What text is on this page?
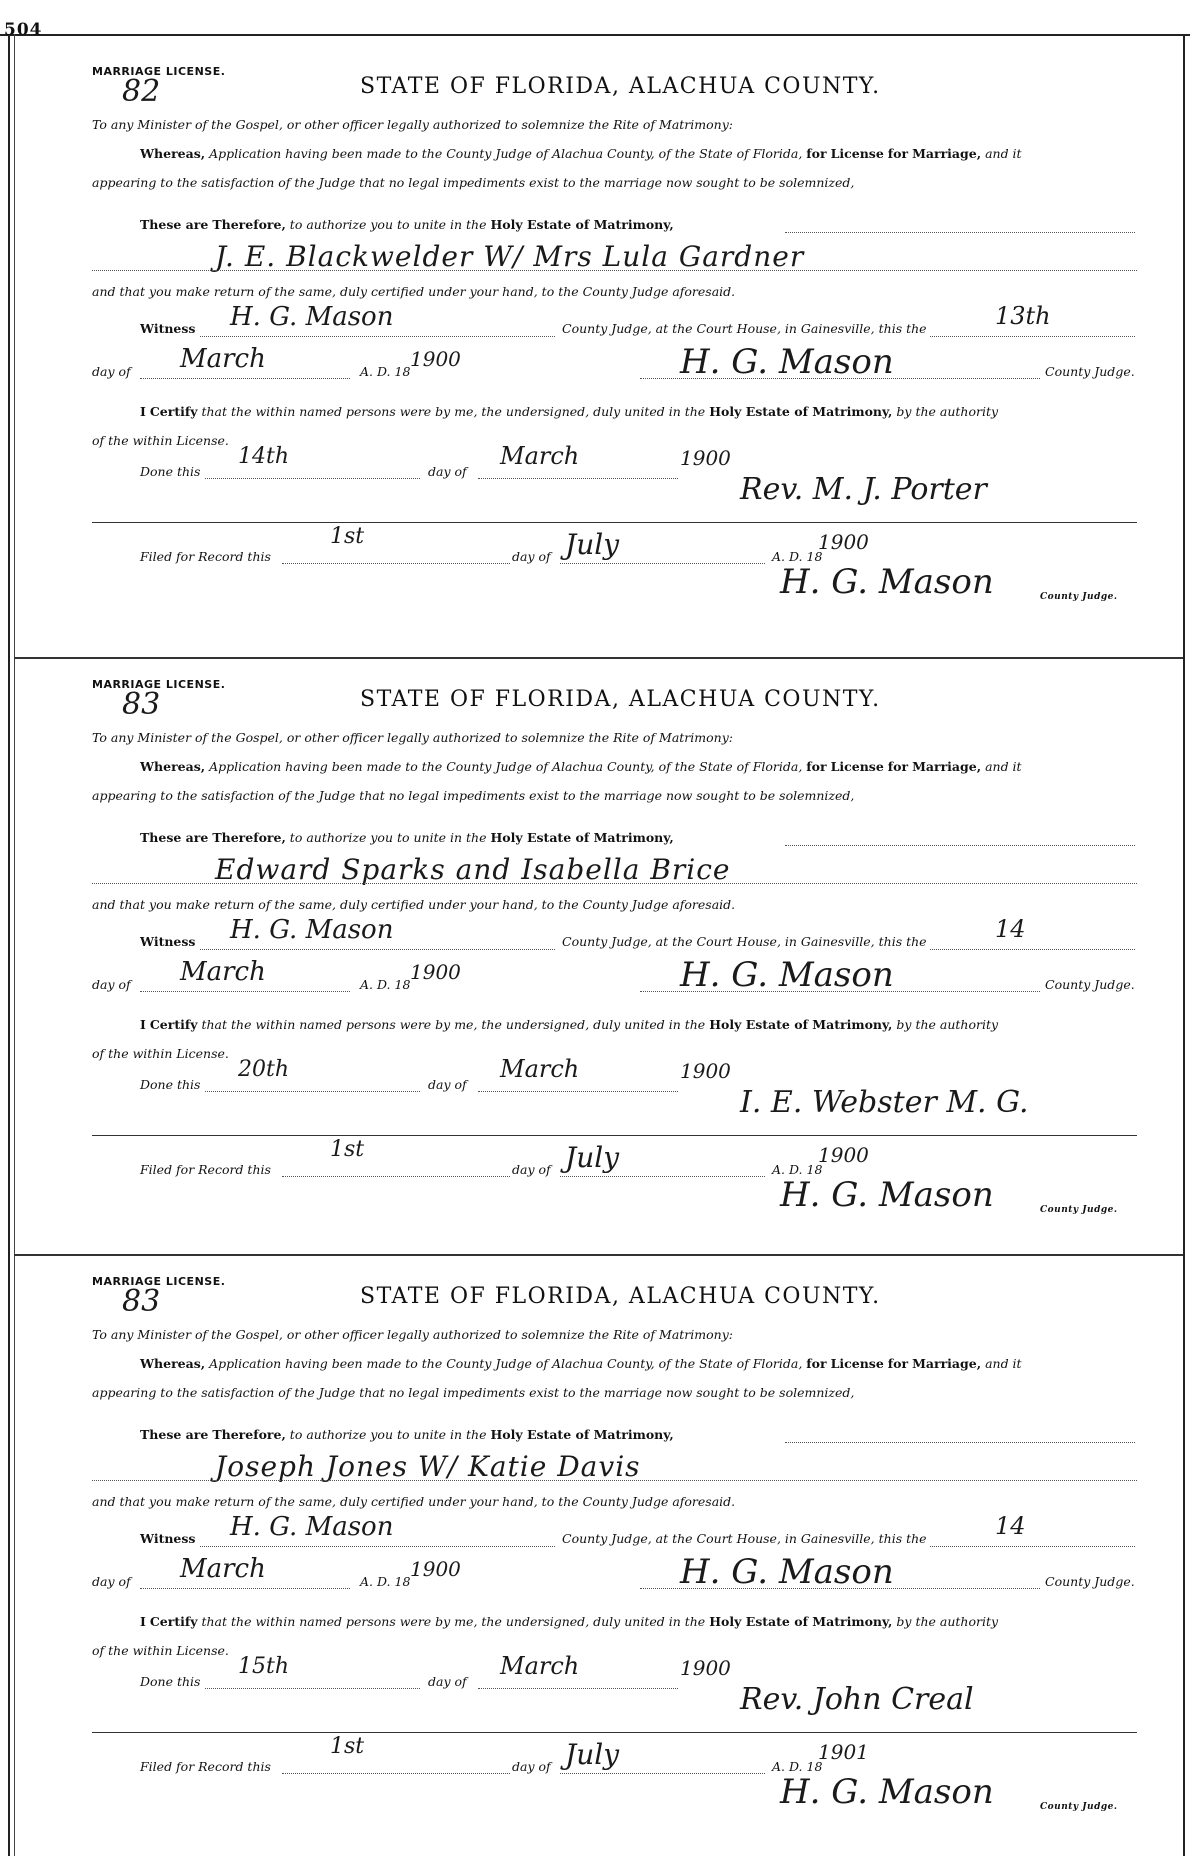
504
MARRIAGE LICENSE.
82	STATE OF FLORIDA, ALACHUA COUNTY.
To any Minister of the Gospel, or other officer legally authorized to solemnize the Rite of Matrimony:
Whereas, Application having been made to the County Judge of Alachua County, of the State of Florida, for License for Marriage, and it
appearing to the satisfaction of the Judge that no legal impediments exist to the marriage now sought to be solemnized,
These are Therefore, to authorize you to unite in the Holy Estate of Matrimony,
J. E. Blackwelder W/ Mrs Lula Gardner
and that you make return of the same, duly certified under your hand, to the County Judge aforesaid.
Witness H. G. Mason	County Judge, at the Court House, in Gainesville, this the	13th
day of March	A. D. 18
1900	H. G. Mason	County Judge.
I Certify that the within named persons were by me, the undersigned, duly united in the Holy Estate of Matrimony, by the authority
of the within License.
Done this
14th
day of
March	1900
Rev. M. J. Porter
Filed for Record this
1st
day of July	A. D. 18
1900
H. G. Mason	County Judge.
MARRIAGE LICENSE.
83	STATE OF FLORIDA, ALACHUA COUNTY.
To any Minister of the Gospel, or other officer legally authorized to solemnize the Rite of Matrimony:
Whereas, Application having been made to the County Judge of Alachua County, of the State of Florida, for License for Marriage, and it
appearing to the satisfaction of the Judge that no legal impediments exist to the marriage now sought to be solemnized,
These are Therefore, to authorize you to unite in the Holy Estate of Matrimony,
Edward Sparks and Isabella Brice
and that you make return of the same, duly certified under your hand, to the County Judge aforesaid.
Witness H. G. Mason	County Judge, at the Court House, in Gainesville, this the	14
day of March	A. D. 18
1900	H. G. Mason	County Judge.
I Certify that the within named persons were by me, the undersigned, duly united in the Holy Estate of Matrimony, by the authority
of the within License.
Done this
20th
day of
March	1900
I. E. Webster M. G.
Filed for Record this
1st
day of July	A. D. 18
1900
H. G. Mason	County Judge.
MARRIAGE LICENSE.
83	STATE OF FLORIDA, ALACHUA COUNTY.
To any Minister of the Gospel, or other officer legally authorized to solemnize the Rite of Matrimony:
Whereas, Application having been made to the County Judge of Alachua County, of the State of Florida, for License for Marriage, and it
appearing to the satisfaction of the Judge that no legal impediments exist to the marriage now sought to be solemnized,
These are Therefore, to authorize you to unite in the Holy Estate of Matrimony,
Joseph Jones W/ Katie Davis
and that you make return of the same, duly certified under your hand, to the County Judge aforesaid.
Witness H. G. Mason	County Judge, at the Court House, in Gainesville, this the	14
day of March	A. D. 18
1900	H. G. Mason	County Judge.
I Certify that the within named persons were by me, the undersigned, duly united in the Holy Estate of Matrimony, by the authority
of the within License.
Done this
15th
day of
March	1900
Rev. John Creal
Filed for Record this
1st
day of July	A. D. 18
1901
H. G. Mason	County Judge.
